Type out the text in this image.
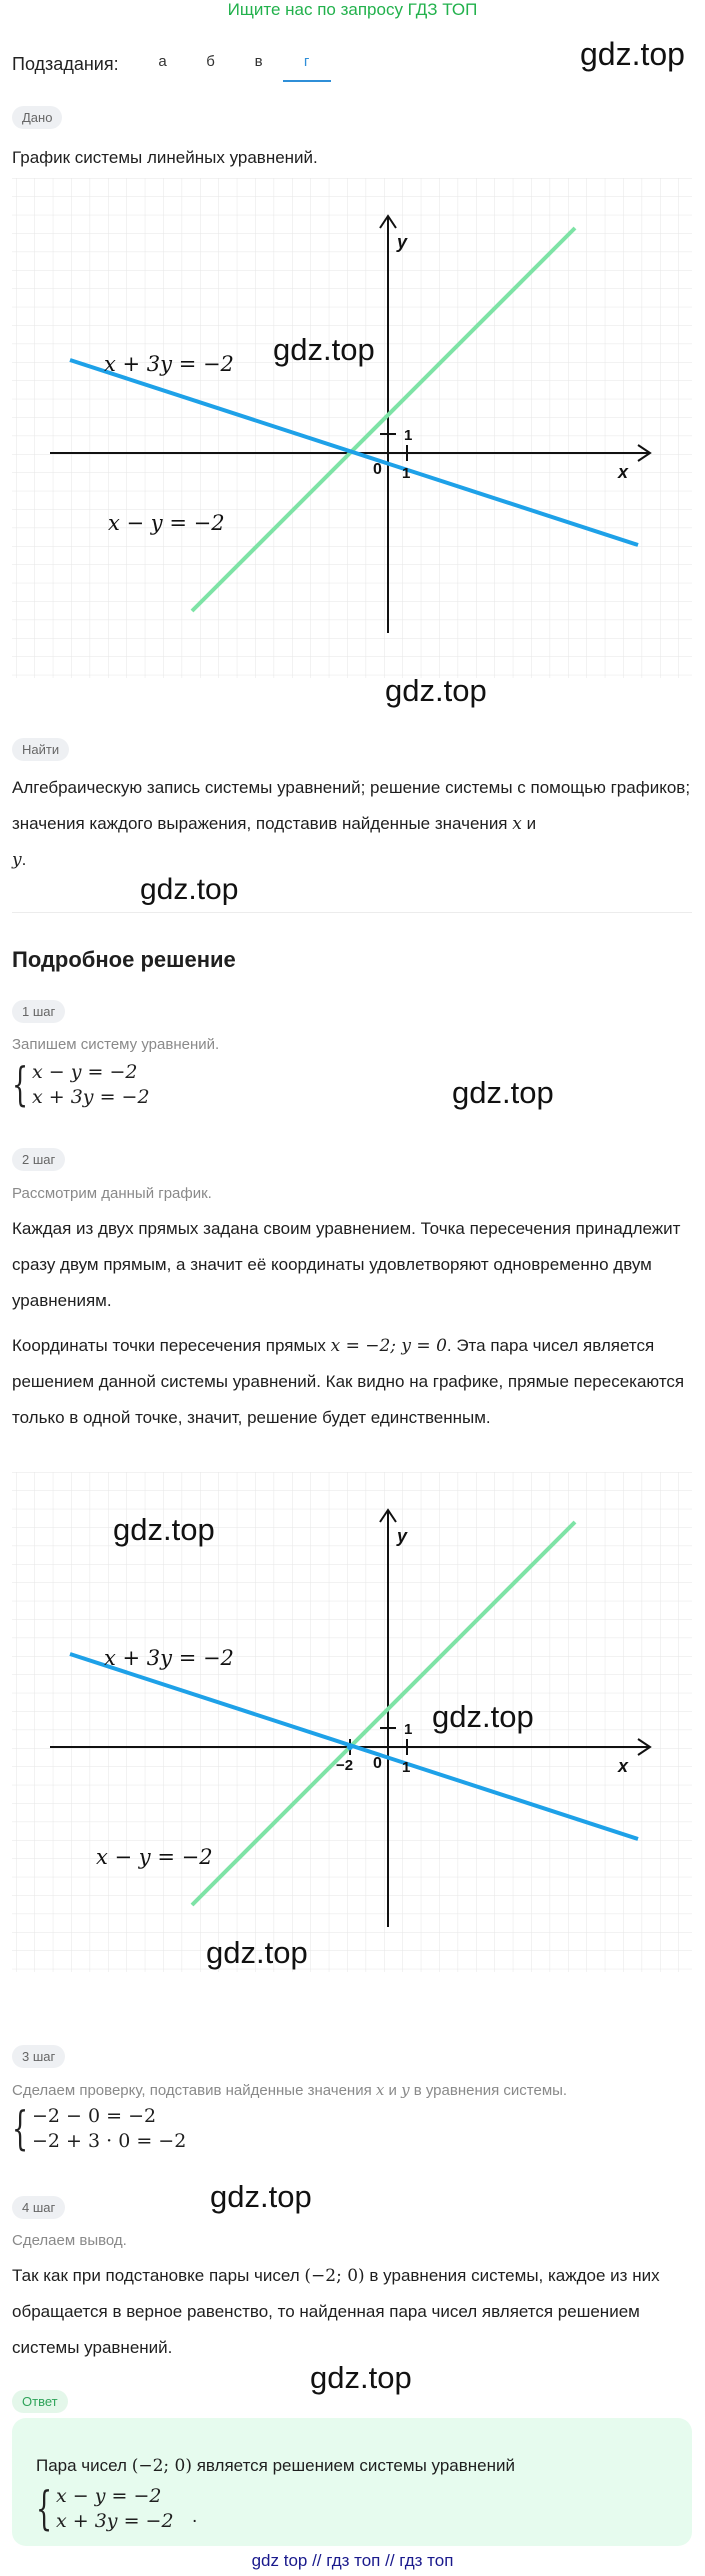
Ищите нас по запросу ГДЗ ТОП
Подзадания:	а	б	в	г	gdz.top
Дано
График системы линейных уравнений.
x + 3y = −2
x − y = −2
y
x
0 1
1
gdz.top
gdz.top
Найти
Алгебраическую запись системы уравнений; решение системы с помощью графиков; значения каждого выражения, подставив найденные значения x и
y.
gdz.top
Подробное решение
1 шаг
Запишем систему уравнений.
{ x − y = −2
x + 3y = −2	gdz.top
2 шаг
Рассмотрим данный график.
Каждая из двух прямых задана своим уравнением. Точка пересечения принадлежит сразу двум прямым, а значит её координаты удовлетворяют одновременно двум уравнениям.
Координаты точки пересечения прямых x = −2; y = 0. Эта пара чисел является решением данной системы уравнений. Как видно на графике, прямые пересекаются только в одной точке, значит, решение будет единственным.
x + 3y = −2
x − y = −2
y
x
0 1
1
−2
gdz.top
gdz.top
gdz.top
3 шаг
Сделаем проверку, подставив найденные значения x и y в уравнения системы.
{ −2 − 0 = −2
−2 + 3 · 0 = −2
4 шаг	gdz.top
Сделаем вывод.
Так как при подстановке пары чисел (−2; 0) в уравнения системы, каждое из них обращается в верное равенство, то найденная пара чисел является решением системы уравнений.
gdz.top
Ответ
Пара чисел (−2; 0) является решением системы уравнений
{ x − y = −2
x + 3y = −2 .
gdz top // гдз топ // гдз топ
